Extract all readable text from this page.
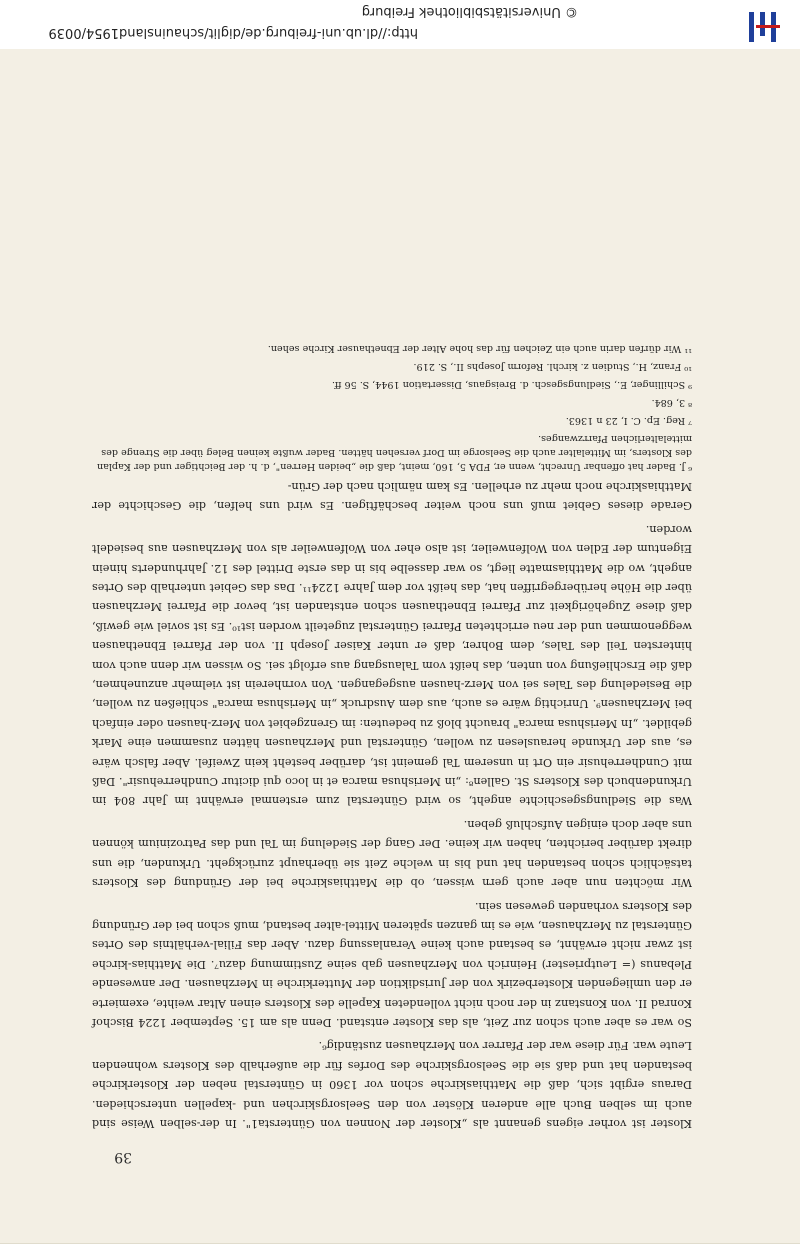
http://dl.ub.uni-freiburg.de/diglit/schauinsland1954/0039
© Universitätsbibliothek Freiburg
39

Kloster ist vorher eigens genannt als „Kloster der Nonnen von Güntersta1". In der-selben Weise sind auch im selben Buch alle anderen Klöster von den Seelsorgskirchen und -kapellen unterschieden. Daraus ergibt sich, daß die Matthiaskirche schon vor 1360 in Günterstal neben der Klosterkirche bestanden hat und daß sie die Seelsorgskirche des Dorfes für die außerhalb des Klosters wohnenden Leute war. Für diese war der Pfarrer von Merzhausen zuständig⁶.

So war es aber auch schon zur Zeit, als das Kloster entstand. Denn als am 15. September 1224 Bischof Konrad II. von Konstanz in der noch nicht vollendeten Kapelle des Klosters einen Altar weihte, exemierte er den umliegenden Klosterbezirk von der Jurisdiktion der Mutterkirche in Merzhausen. Der anwesende Plebanus (= Leutpriester) Heinrich von Merzhausen gab seine Zustimmung dazu⁷. Die Matthias-kirche ist zwar nicht erwähnt, es bestand auch keine Veranlassung dazu. Aber das Filial-verhältnis des Ortes Günterstal zu Merzhausen, wie es im ganzen späteren Mittel-alter bestand, muß schon bei der Gründung des Klosters vorhanden gewesen sein.

Wir möchten nun aber auch gern wissen, ob die Matthiaskirche bei der Gründung des Klosters tatsächlich schon bestanden hat und bis in welche Zeit sie überhaupt zurückgeht. Urkunden, die uns direkt darüber berichten, haben wir keine. Der Gang der Siedelung im Tal und das Patrozinium können uns aber doch einigen Aufschluß geben.

Was die Siedlungsgeschichte angeht, so wird Günterstal zum erstenmal erwähnt im Jahr 804 im Urkundenbuch des Klosters St. Gallen⁸: „in Merishusa marca et in loco qui dicitur Cundherrehusir". Daß mit Cundherrehusir ein Ort in unserem Tal gemeint ist, darüber besteht kein Zweifel. Aber falsch wäre es, aus der Urkunde herauslesen zu wollen, Günterstal und Merzhausen hätten zusammen eine Mark gebildet. „In Merishusa marca" braucht bloß zu bedeuten: im Grenzgebiet von Merz-hausen oder einfach bei Merzhausen⁹. Unrichtig wäre es auch, aus dem Ausdruck „in Merishusa marca" schließen zu wollen, die Besiedelung des Tales sei von Merz-hausen ausgegangen. Von vornherein ist vielmehr anzunehmen, daß die Erschließung von unten, das heißt vom Talausgang aus erfolgt sei. So wissen wir denn auch vom hintersten Teil des Tales, dem Bohrer, daß er unter Kaiser Joseph II. von der Pfarrei Ebnethausen weggenommen und der neu errichteten Pfarrei Günterstal zugeteilt worden ist¹⁰. Es ist soviel wie gewiß, daß diese Zugehörigkeit zur Pfarrei Ebnethausen schon entstanden ist, bevor die Pfarrei Merzhausen über die Höhe herübergegriffen hat, das heißt vor dem Jahre 1224¹¹. Das das Gebiet unterhalb des Ortes angeht, wo die Matthiasmatte liegt, so war dasselbe bis in das erste Drittel des 12. Jahrhunderts hinein Eigentum der Edlen von Wolfenweiler, ist also eher von Wolfenweiler als von Merzhausen aus besiedelt worden.

Gerade dieses Gebiet muß uns noch weiter beschäftigen. Es wird uns helfen, die Geschichte der Matthiaskirche noch mehr zu erhellen. Es kam nämlich nach der Grün-

⁶ J. Bader hat offenbar Unrecht, wenn er, FDA 5, 160, meint, daß die „beiden Herren", d. h. der Beichtiger und der Kaplan des Klosters, im Mittelalter auch die Seelsorge im Dorf versehen hätten. Bader wußte keinen Beleg über die Strenge des mittelalterlichen Pfarrzwanges.

⁷ Reg. Ep. C. I, 23 n 1363.

⁸ 3, 684.

⁹ Schillinger, E., Siedlungsgesch. d. Breisgaus, Dissertation 1944, S. 56 ff.

¹⁰ Franz, H., Studien z. kirchl. Reform Josephs II., S. 219.

¹¹ Wir dürfen darin auch ein Zeichen für das hohe Alter der Ebnethauser Kirche sehen.
